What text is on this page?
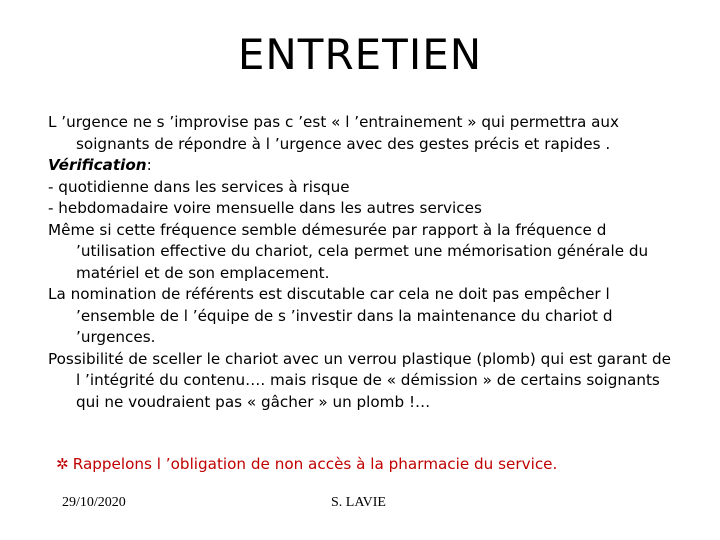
ENTRETIEN

L ’urgence ne s ’improvise pas c ’est « l ’entrainement » qui permettra aux soignants de répondre à l ’urgence avec des gestes précis et rapides .

Vérification:

- quotidienne dans les services à risque

- hebdomadaire voire mensuelle dans les autres services

Même si cette fréquence semble démesurée par rapport à la fréquence d ’utilisation effective du chariot, cela permet une mémorisation générale du matériel et de son emplacement.

La nomination de référents est discutable car cela ne doit pas empêcher l ’ensemble de l ’équipe de s ’investir dans la maintenance du chariot d ’urgences.

Possibilité de sceller le chariot avec un verrou plastique (plomb) qui est garant de l ’intégrité du contenu…. mais risque de « démission » de certains soignants qui ne voudraient pas « gâcher » un plomb !…

✲ Rappelons l ’obligation de non accès à la pharmacie du service.
29/10/2020	S. LAVIE
